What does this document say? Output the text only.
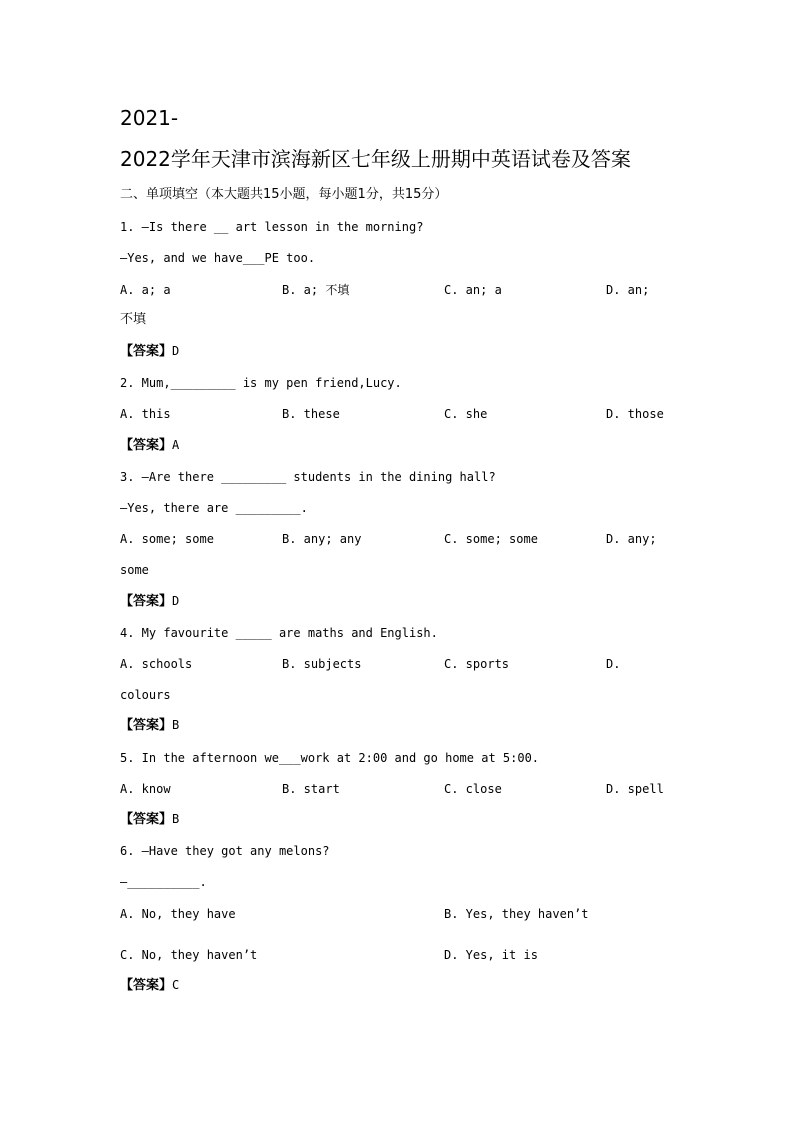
2021-
2022学年天津市滨海新区七年级上册期中英语试卷及答案
二、单项填空（本大题共15小题，每小题1分，共15分）
1. —Is there __ art lesson in the morning?
—Yes, and we have___PE too.
A. a; a	B. a; 不填	C. an; a	D. an;
不填
【答案】D
2. Mum,_________ is my pen friend,Lucy.
A. this	B. these	C. she	D. those
【答案】A
3. —Are there _________ students in the dining hall?
—Yes, there are _________.
A. some; some	B. any; any	C. some; some	D. any;
some
【答案】D
4. My favourite _____ are maths and English.
A. schools	B. subjects	C. sports	D.
colours
【答案】B
5. In the afternoon we___work at 2:00 and go home at 5:00.
A. know	B. start	C. close	D. spell
【答案】B
6. —Have they got any melons?
—__________.
A. No, they have	B. Yes, they haven’t
C. No, they haven’t	D. Yes, it is
【答案】C
